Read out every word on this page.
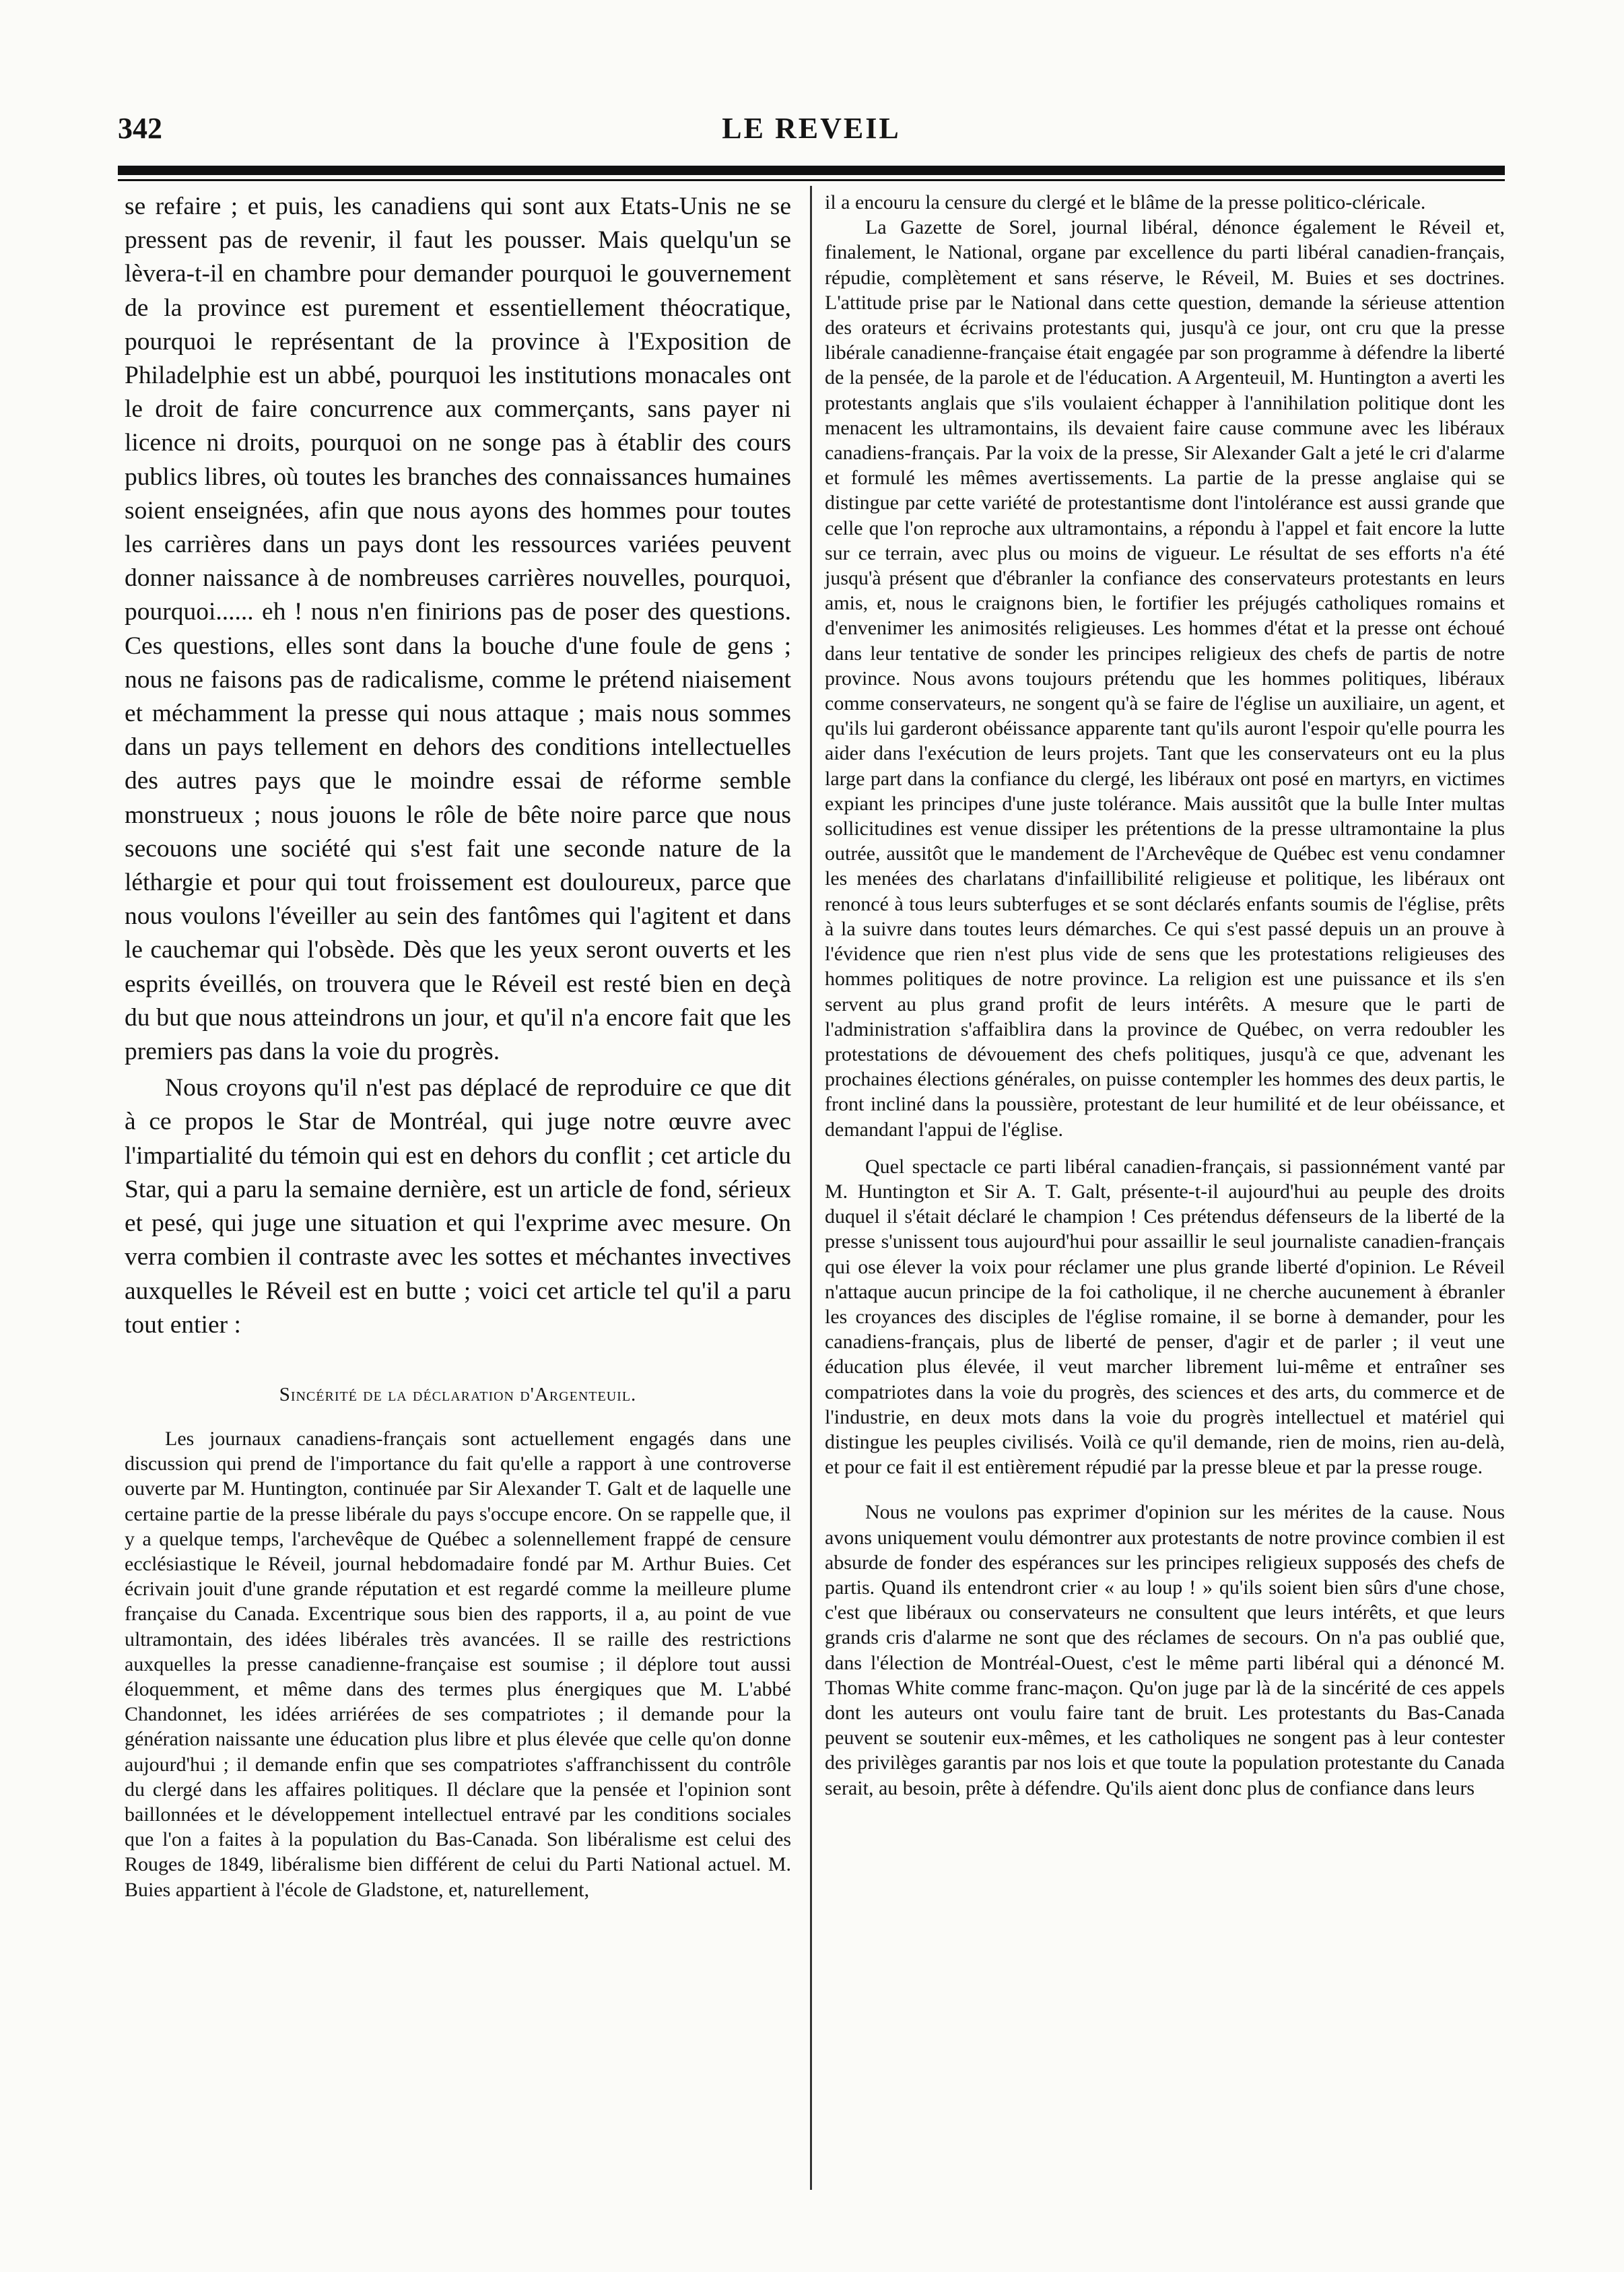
342	LE REVEIL

se refaire ; et puis, les canadiens qui sont aux Etats-Unis ne se pressent pas de revenir, il faut les pousser. Mais quelqu'un se lèvera-t-il en chambre pour demander pourquoi le gouvernement de la province est purement et essentiellement théocratique, pourquoi le représentant de la province à l'Exposition de Philadelphie est un abbé, pourquoi les institutions monacales ont le droit de faire concurrence aux commerçants, sans payer ni licence ni droits, pourquoi on ne songe pas à établir des cours publics libres, où toutes les branches des connaissances humaines soient enseignées, afin que nous ayons des hommes pour toutes les carrières dans un pays dont les ressources variées peuvent donner naissance à de nombreuses carrières nouvelles, pourquoi, pourquoi...... eh ! nous n'en finirions pas de poser des questions. Ces questions, elles sont dans la bouche d'une foule de gens ; nous ne faisons pas de radicalisme, comme le prétend niaisement et méchamment la presse qui nous attaque ; mais nous sommes dans un pays tellement en dehors des conditions intellectuelles des autres pays que le moindre essai de réforme semble monstrueux ; nous jouons le rôle de bête noire parce que nous secouons une société qui s'est fait une seconde nature de la léthargie et pour qui tout froissement est douloureux, parce que nous voulons l'éveiller au sein des fantômes qui l'agitent et dans le cauchemar qui l'obsède. Dès que les yeux seront ouverts et les esprits éveillés, on trouvera que le Réveil est resté bien en deçà du but que nous atteindrons un jour, et qu'il n'a encore fait que les premiers pas dans la voie du progrès.

Nous croyons qu'il n'est pas déplacé de reproduire ce que dit à ce propos le Star de Montréal, qui juge notre œuvre avec l'impartialité du témoin qui est en dehors du conflit ; cet article du Star, qui a paru la semaine dernière, est un article de fond, sérieux et pesé, qui juge une situation et qui l'exprime avec mesure. On verra combien il contraste avec les sottes et méchantes invectives auxquelles le Réveil est en butte ; voici cet article tel qu'il a paru tout entier :

Sincérité de la déclaration d'Argenteuil.

Les journaux canadiens-français sont actuellement engagés dans une discussion qui prend de l'importance du fait qu'elle a rapport à une controverse ouverte par M. Huntington, continuée par Sir Alexander T. Galt et de laquelle une certaine partie de la presse libérale du pays s'occupe encore. On se rappelle que, il y a quelque temps, l'archevêque de Québec a solennellement frappé de censure ecclésiastique le Réveil, journal hebdomadaire fondé par M. Arthur Buies. Cet écrivain jouit d'une grande réputation et est regardé comme la meilleure plume française du Canada. Excentrique sous bien des rapports, il a, au point de vue ultramontain, des idées libérales très avancées. Il se raille des restrictions auxquelles la presse canadienne-française est soumise ; il déplore tout aussi éloquemment, et même dans des termes plus énergiques que M. L'abbé Chandonnet, les idées arriérées de ses compatriotes ; il demande pour la génération naissante une éducation plus libre et plus élevée que celle qu'on donne aujourd'hui ; il demande enfin que ses compatriotes s'affranchissent du contrôle du clergé dans les affaires politiques. Il déclare que la pensée et l'opinion sont baillonnées et le développement intellectuel entravé par les conditions sociales que l'on a faites à la population du Bas-Canada. Son libéralisme est celui des Rouges de 1849, libéralisme bien différent de celui du Parti National actuel. M. Buies appartient à l'école de Gladstone, et, naturellement,

il a encouru la censure du clergé et le blâme de la presse politico-cléricale.

La Gazette de Sorel, journal libéral, dénonce également le Réveil et, finalement, le National, organe par excellence du parti libéral canadien-français, répudie, complètement et sans réserve, le Réveil, M. Buies et ses doctrines. L'attitude prise par le National dans cette question, demande la sérieuse attention des orateurs et écrivains protestants qui, jusqu'à ce jour, ont cru que la presse libérale canadienne-française était engagée par son programme à défendre la liberté de la pensée, de la parole et de l'éducation. A Argenteuil, M. Huntington a averti les protestants anglais que s'ils voulaient échapper à l'annihilation politique dont les menacent les ultramontains, ils devaient faire cause commune avec les libéraux canadiens-français. Par la voix de la presse, Sir Alexander Galt a jeté le cri d'alarme et formulé les mêmes avertissements. La partie de la presse anglaise qui se distingue par cette variété de protestantisme dont l'intolérance est aussi grande que celle que l'on reproche aux ultramontains, a répondu à l'appel et fait encore la lutte sur ce terrain, avec plus ou moins de vigueur. Le résultat de ses efforts n'a été jusqu'à présent que d'ébranler la confiance des conservateurs protestants en leurs amis, et, nous le craignons bien, le fortifier les préjugés catholiques romains et d'envenimer les animosités religieuses. Les hommes d'état et la presse ont échoué dans leur tentative de sonder les principes religieux des chefs de partis de notre province. Nous avons toujours prétendu que les hommes politiques, libéraux comme conservateurs, ne songent qu'à se faire de l'église un auxiliaire, un agent, et qu'ils lui garderont obéissance apparente tant qu'ils auront l'espoir qu'elle pourra les aider dans l'exécution de leurs projets. Tant que les conservateurs ont eu la plus large part dans la confiance du clergé, les libéraux ont posé en martyrs, en victimes expiant les principes d'une juste tolérance. Mais aussitôt que la bulle Inter multas sollicitudines est venue dissiper les prétentions de la presse ultramontaine la plus outrée, aussitôt que le mandement de l'Archevêque de Québec est venu condamner les menées des charlatans d'infaillibilité religieuse et politique, les libéraux ont renoncé à tous leurs subterfuges et se sont déclarés enfants soumis de l'église, prêts à la suivre dans toutes leurs démarches. Ce qui s'est passé depuis un an prouve à l'évidence que rien n'est plus vide de sens que les protestations religieuses des hommes politiques de notre province. La religion est une puissance et ils s'en servent au plus grand profit de leurs intérêts. A mesure que le parti de l'administration s'affaiblira dans la province de Québec, on verra redoubler les protestations de dévouement des chefs politiques, jusqu'à ce que, advenant les prochaines élections générales, on puisse contempler les hommes des deux partis, le front incliné dans la poussière, protestant de leur humilité et de leur obéissance, et demandant l'appui de l'église.

Quel spectacle ce parti libéral canadien-français, si passionnément vanté par M. Huntington et Sir A. T. Galt, présente-t-il aujourd'hui au peuple des droits duquel il s'était déclaré le champion ! Ces prétendus défenseurs de la liberté de la presse s'unissent tous aujourd'hui pour assaillir le seul journaliste canadien-français qui ose élever la voix pour réclamer une plus grande liberté d'opinion. Le Réveil n'attaque aucun principe de la foi catholique, il ne cherche aucunement à ébranler les croyances des disciples de l'église romaine, il se borne à demander, pour les canadiens-français, plus de liberté de penser, d'agir et de parler ; il veut une éducation plus élevée, il veut marcher librement lui-même et entraîner ses compatriotes dans la voie du progrès, des sciences et des arts, du commerce et de l'industrie, en deux mots dans la voie du progrès intellectuel et matériel qui distingue les peuples civilisés. Voilà ce qu'il demande, rien de moins, rien au-delà, et pour ce fait il est entièrement répudié par la presse bleue et par la presse rouge.

Nous ne voulons pas exprimer d'opinion sur les mérites de la cause. Nous avons uniquement voulu démontrer aux protestants de notre province combien il est absurde de fonder des espérances sur les principes religieux supposés des chefs de partis. Quand ils entendront crier « au loup ! » qu'ils soient bien sûrs d'une chose, c'est que libéraux ou conservateurs ne consultent que leurs intérêts, et que leurs grands cris d'alarme ne sont que des réclames de secours. On n'a pas oublié que, dans l'élection de Montréal-Ouest, c'est le même parti libéral qui a dénoncé M. Thomas White comme franc-maçon. Qu'on juge par là de la sincérité de ces appels dont les auteurs ont voulu faire tant de bruit. Les protestants du Bas-Canada peuvent se soutenir eux-mêmes, et les catholiques ne songent pas à leur contester des privilèges garantis par nos lois et que toute la population protestante du Canada serait, au besoin, prête à défendre. Qu'ils aient donc plus de confiance dans leurs
